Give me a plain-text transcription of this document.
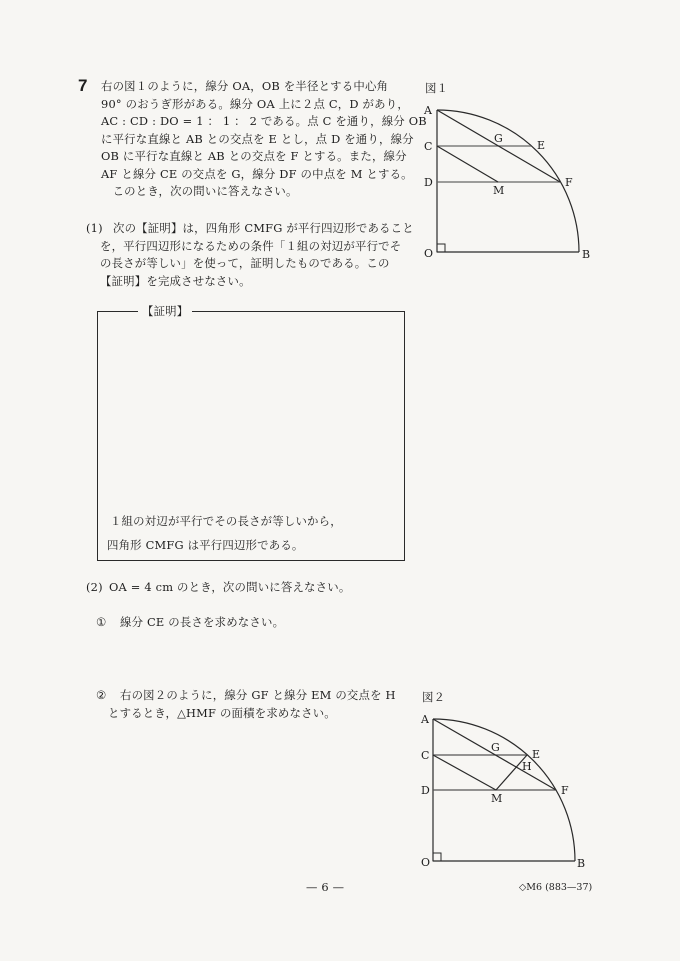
7 右の図１のように，線分 OA，OB を半径とする中心角
90° のおうぎ形がある。線分 OA 上に２点 C，D があり，
AC : CD : DO = 1 ： 1 ： 2 である。点 C を通り，線分 OB
に平行な直線と AB との交点を E とし，点 D を通り，線分
OB に平行な直線と AB との交点を F とする。また，線分
AF と線分 CE の交点を G，線分 DF の中点を M とする。
　このとき，次の問いに答えなさい。
(1) 次の【証明】は，四角形 CMFG が平行四辺形であること
を，平行四辺形になるための条件「１組の対辺が平行でそ
の長さが等しい」を使って，証明したものである。この
【証明】を完成させなさい。
【証明】
１組の対辺が平行でその長さが等しいから，
四角形 CMFG は平行四辺形である。
(2) OA = 4 cm のとき，次の問いに答えなさい。
① 線分 CE の長さを求めなさい。
② 右の図２のように，線分 GF と線分 EM の交点を H
とするとき，△HMF の面積を求めなさい。
図１
A
C
D
O	B
G
E
F
M
図２
A
C
D
O	B
G
E
H
F
M
— 6 —	◇M6 (883—37)
